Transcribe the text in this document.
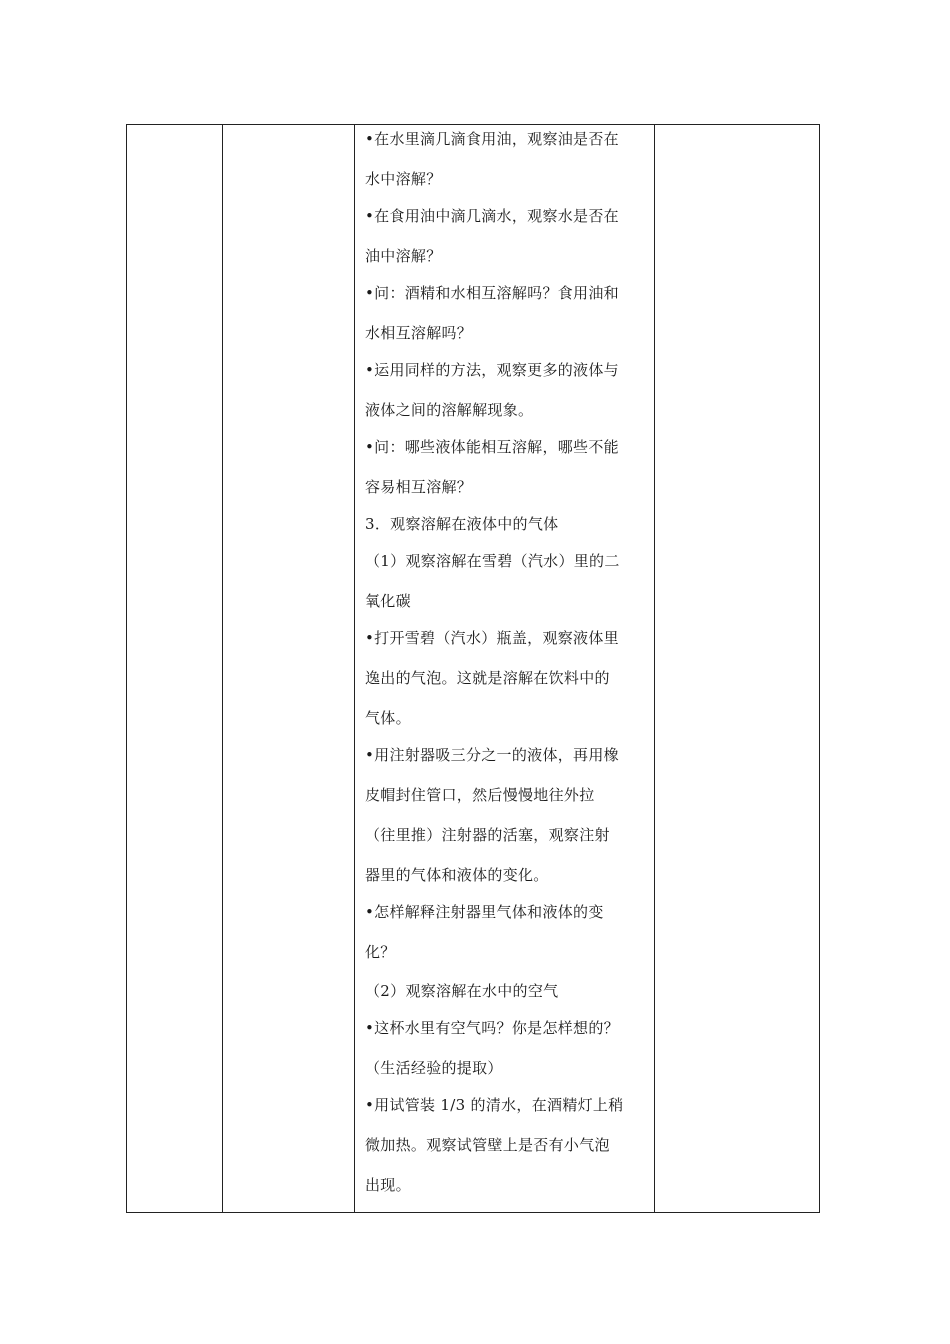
•在水里滴几滴食用油，观察油是否在
水中溶解？
•在食用油中滴几滴水，观察水是否在
油中溶解？
•问：酒精和水相互溶解吗？食用油和
水相互溶解吗？
•运用同样的方法，观察更多的液体与
液体之间的溶解解现象。
•问：哪些液体能相互溶解，哪些不能
容易相互溶解？
3．观察溶解在液体中的气体
（1）观察溶解在雪碧（汽水）里的二
氧化碳
•打开雪碧（汽水）瓶盖，观察液体里
逸出的气泡。这就是溶解在饮料中的
气体。
•用注射器吸三分之一的液体，再用橡
皮帽封住管口，然后慢慢地往外拉
（往里推）注射器的活塞，观察注射
器里的气体和液体的变化。
•怎样解释注射器里气体和液体的变
化？
（2）观察溶解在水中的空气
•这杯水里有空气吗？你是怎样想的？
（生活经验的提取）
•用试管装 1/3 的清水，在酒精灯上稍
微加热。观察试管壁上是否有小气泡
出现。
